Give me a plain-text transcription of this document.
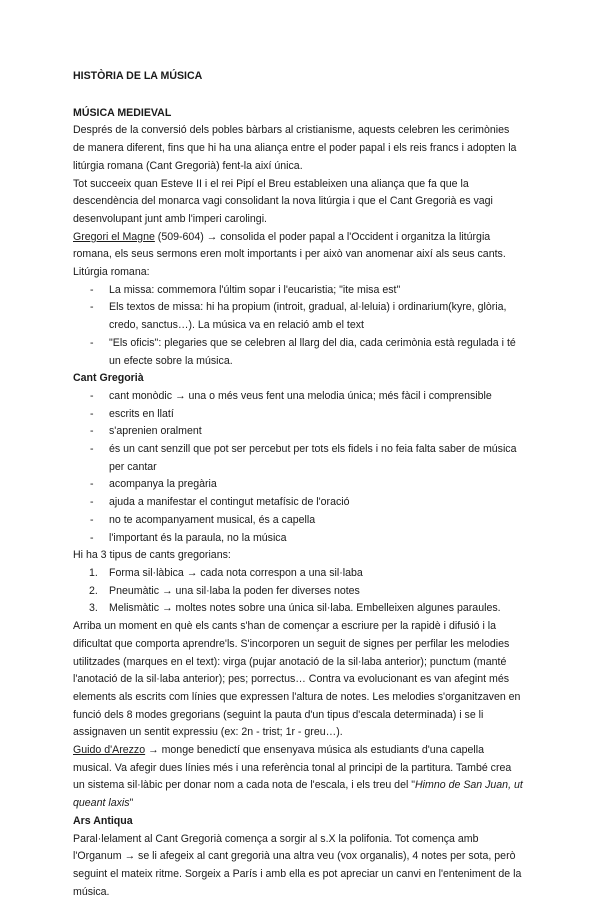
HISTÒRIA DE LA MÚSICA

MÚSICA MEDIEVAL

Després de la conversió dels pobles bàrbars al cristianisme, aquests celebren les cerimònies de manera diferent, fins que hi ha una aliança entre el poder papal i els reis francs i adopten la litúrgia romana (Cant Gregorià) fent-la així única.

Tot succeeix quan Esteve II i el rei Pipí el Breu estableixen una aliança que fa que la descendència del monarca vagi consolidant la nova litúrgia i que el Cant Gregorià es vagi desenvolupant junt amb l'imperi carolingi.

Gregori el Magne (509-604) → consolida el poder papal a l'Occident i organitza la litúrgia romana, els seus sermons eren molt importants i per això van anomenar així als seus cants.

Litúrgia romana:

- La missa: commemora l'últim sopar i l'eucaristia; "ite misa est"
- Els textos de missa: hi ha propium (introit, gradual, al·leluia) i ordinarium(kyre, glòria, credo, sanctus…). La música va en relació amb el text
- "Els oficis": plegaries que se celebren al llarg del dia, cada cerimònia està regulada i té un efecte sobre la música.

Cant Gregorià

- cant monòdic → una o més veus fent una melodia única; més fàcil i comprensible
- escrits en llatí
- s'aprenien oralment
- és un cant senzill que pot ser percebut per tots els fidels i no feia falta saber de música per cantar
- acompanya la pregària
- ajuda a manifestar el contingut metafísic de l'oració
- no te acompanyament musical, és a capella
- l'important és la paraula, no la música

Hi ha 3 tipus de cants gregorians:

1. Forma sil·làbica → cada nota correspon a una sil·laba
2. Pneumàtic → una sil·laba la poden fer diverses notes
3. Melismàtic → moltes notes sobre una única sil·laba. Embelleixen algunes paraules.

Arriba un moment en què els cants s'han de començar a escriure per la rapidè i difusió i la dificultat que comporta aprendre'ls. S'incorporen un seguit de signes per perfilar les melodies utilitzades (marques en el text): virga (pujar anotació de la sil·laba anterior); punctum (manté l'anotació de la sil·laba anterior); pes; porrectus… Contra va evolucionant es van afegint més elements als escrits com línies que expressen l'altura de notes. Les melodies s'organitzaven en funció dels 8 modes gregorians (seguint la pauta d'un tipus d'escala determinada) i se li assignaven un sentit expressiu (ex: 2n - trist; 1r - greu…).

Guido d'Arezzo → monge benedictí que ensenyava música als estudiants d'una capella musical. Va afegir dues línies més i una referència tonal al principi de la partitura. També crea un sistema sil·làbic per donar nom a cada nota de l'escala, i els treu del "Himno de San Juan, ut queant laxis"

Ars Antiqua

Paral·lelament al Cant Gregorià comença a sorgir al s.X la polifonia. Tot comença amb l'Organum → se li afegeix al cant gregorià una altra veu (vox organalis), 4 notes per sota, però seguint el mateix ritme. Sorgeix a París i amb ella es pot apreciar un canvi en l'enteniment de la música.
